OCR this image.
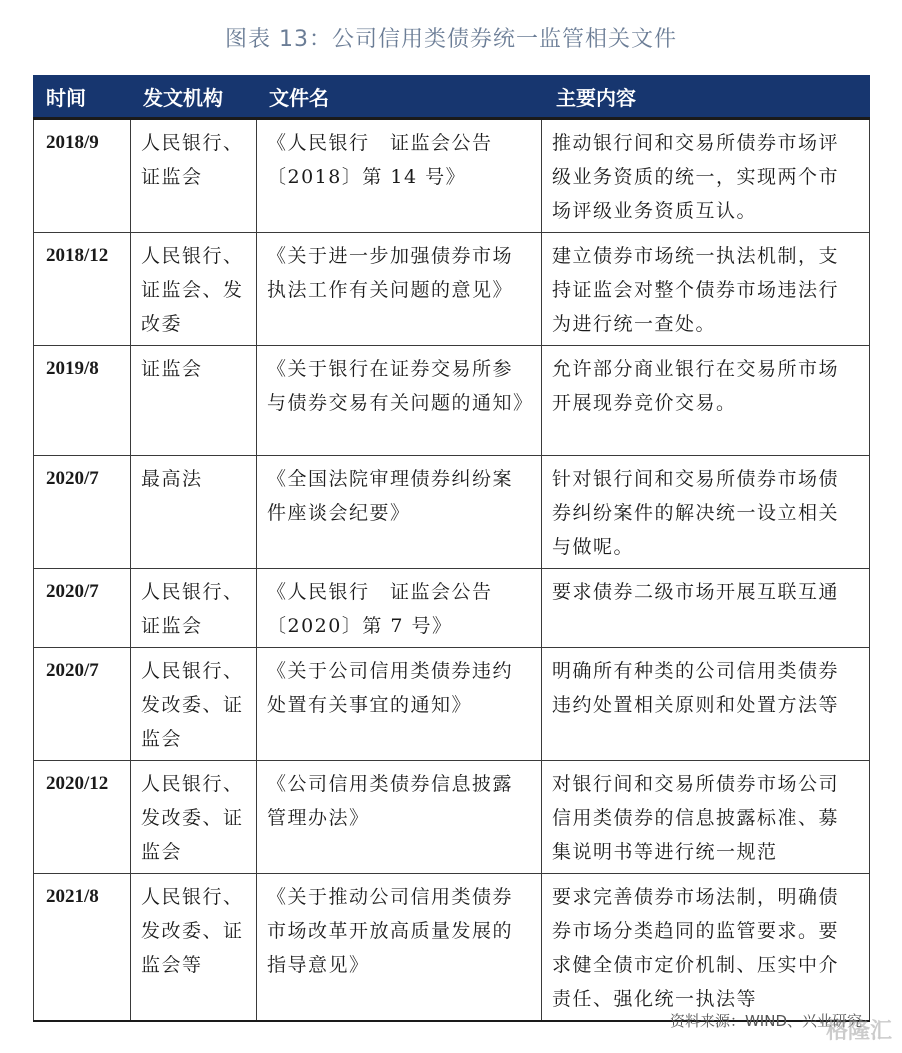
图表 13：公司信用类债券统一监管相关文件
时间	发文机构	文件名	主要内容
2018/9	人民银行、证监会	《人民银行　证监会公告〔2018〕第 14 号》	推动银行间和交易所债券市场评级业务资质的统一，实现两个市场评级业务资质互认。
2018/12	人民银行、证监会、发改委	《关于进一步加强债券市场执法工作有关问题的意见》	建立债券市场统一执法机制，支持证监会对整个债券市场违法行为进行统一查处。
2019/8	证监会	《关于银行在证券交易所参与债券交易有关问题的通知》	允许部分商业银行在交易所市场开展现券竞价交易。
2020/7	最高法	《全国法院审理债券纠纷案件座谈会纪要》	针对银行间和交易所债券市场债券纠纷案件的解决统一设立相关与做呢。
2020/7	人民银行、证监会	《人民银行　证监会公告〔2020〕第 7 号》	要求债券二级市场开展互联互通
2020/7	人民银行、发改委、证监会	《关于公司信用类债券违约处置有关事宜的通知》	明确所有种类的公司信用类债券违约处置相关原则和处置方法等
2020/12	人民银行、发改委、证监会	《公司信用类债券信息披露管理办法》	对银行间和交易所债券市场公司信用类债券的信息披露标准、募集说明书等进行统一规范
2021/8	人民银行、发改委、证监会等	《关于推动公司信用类债券市场改革开放高质量发展的指导意见》	要求完善债券市场法制，明确债券市场分类趋同的监管要求。要求健全债市定价机制、压实中介责任、强化统一执法等
资料来源：WIND、兴业研究
格隆汇
